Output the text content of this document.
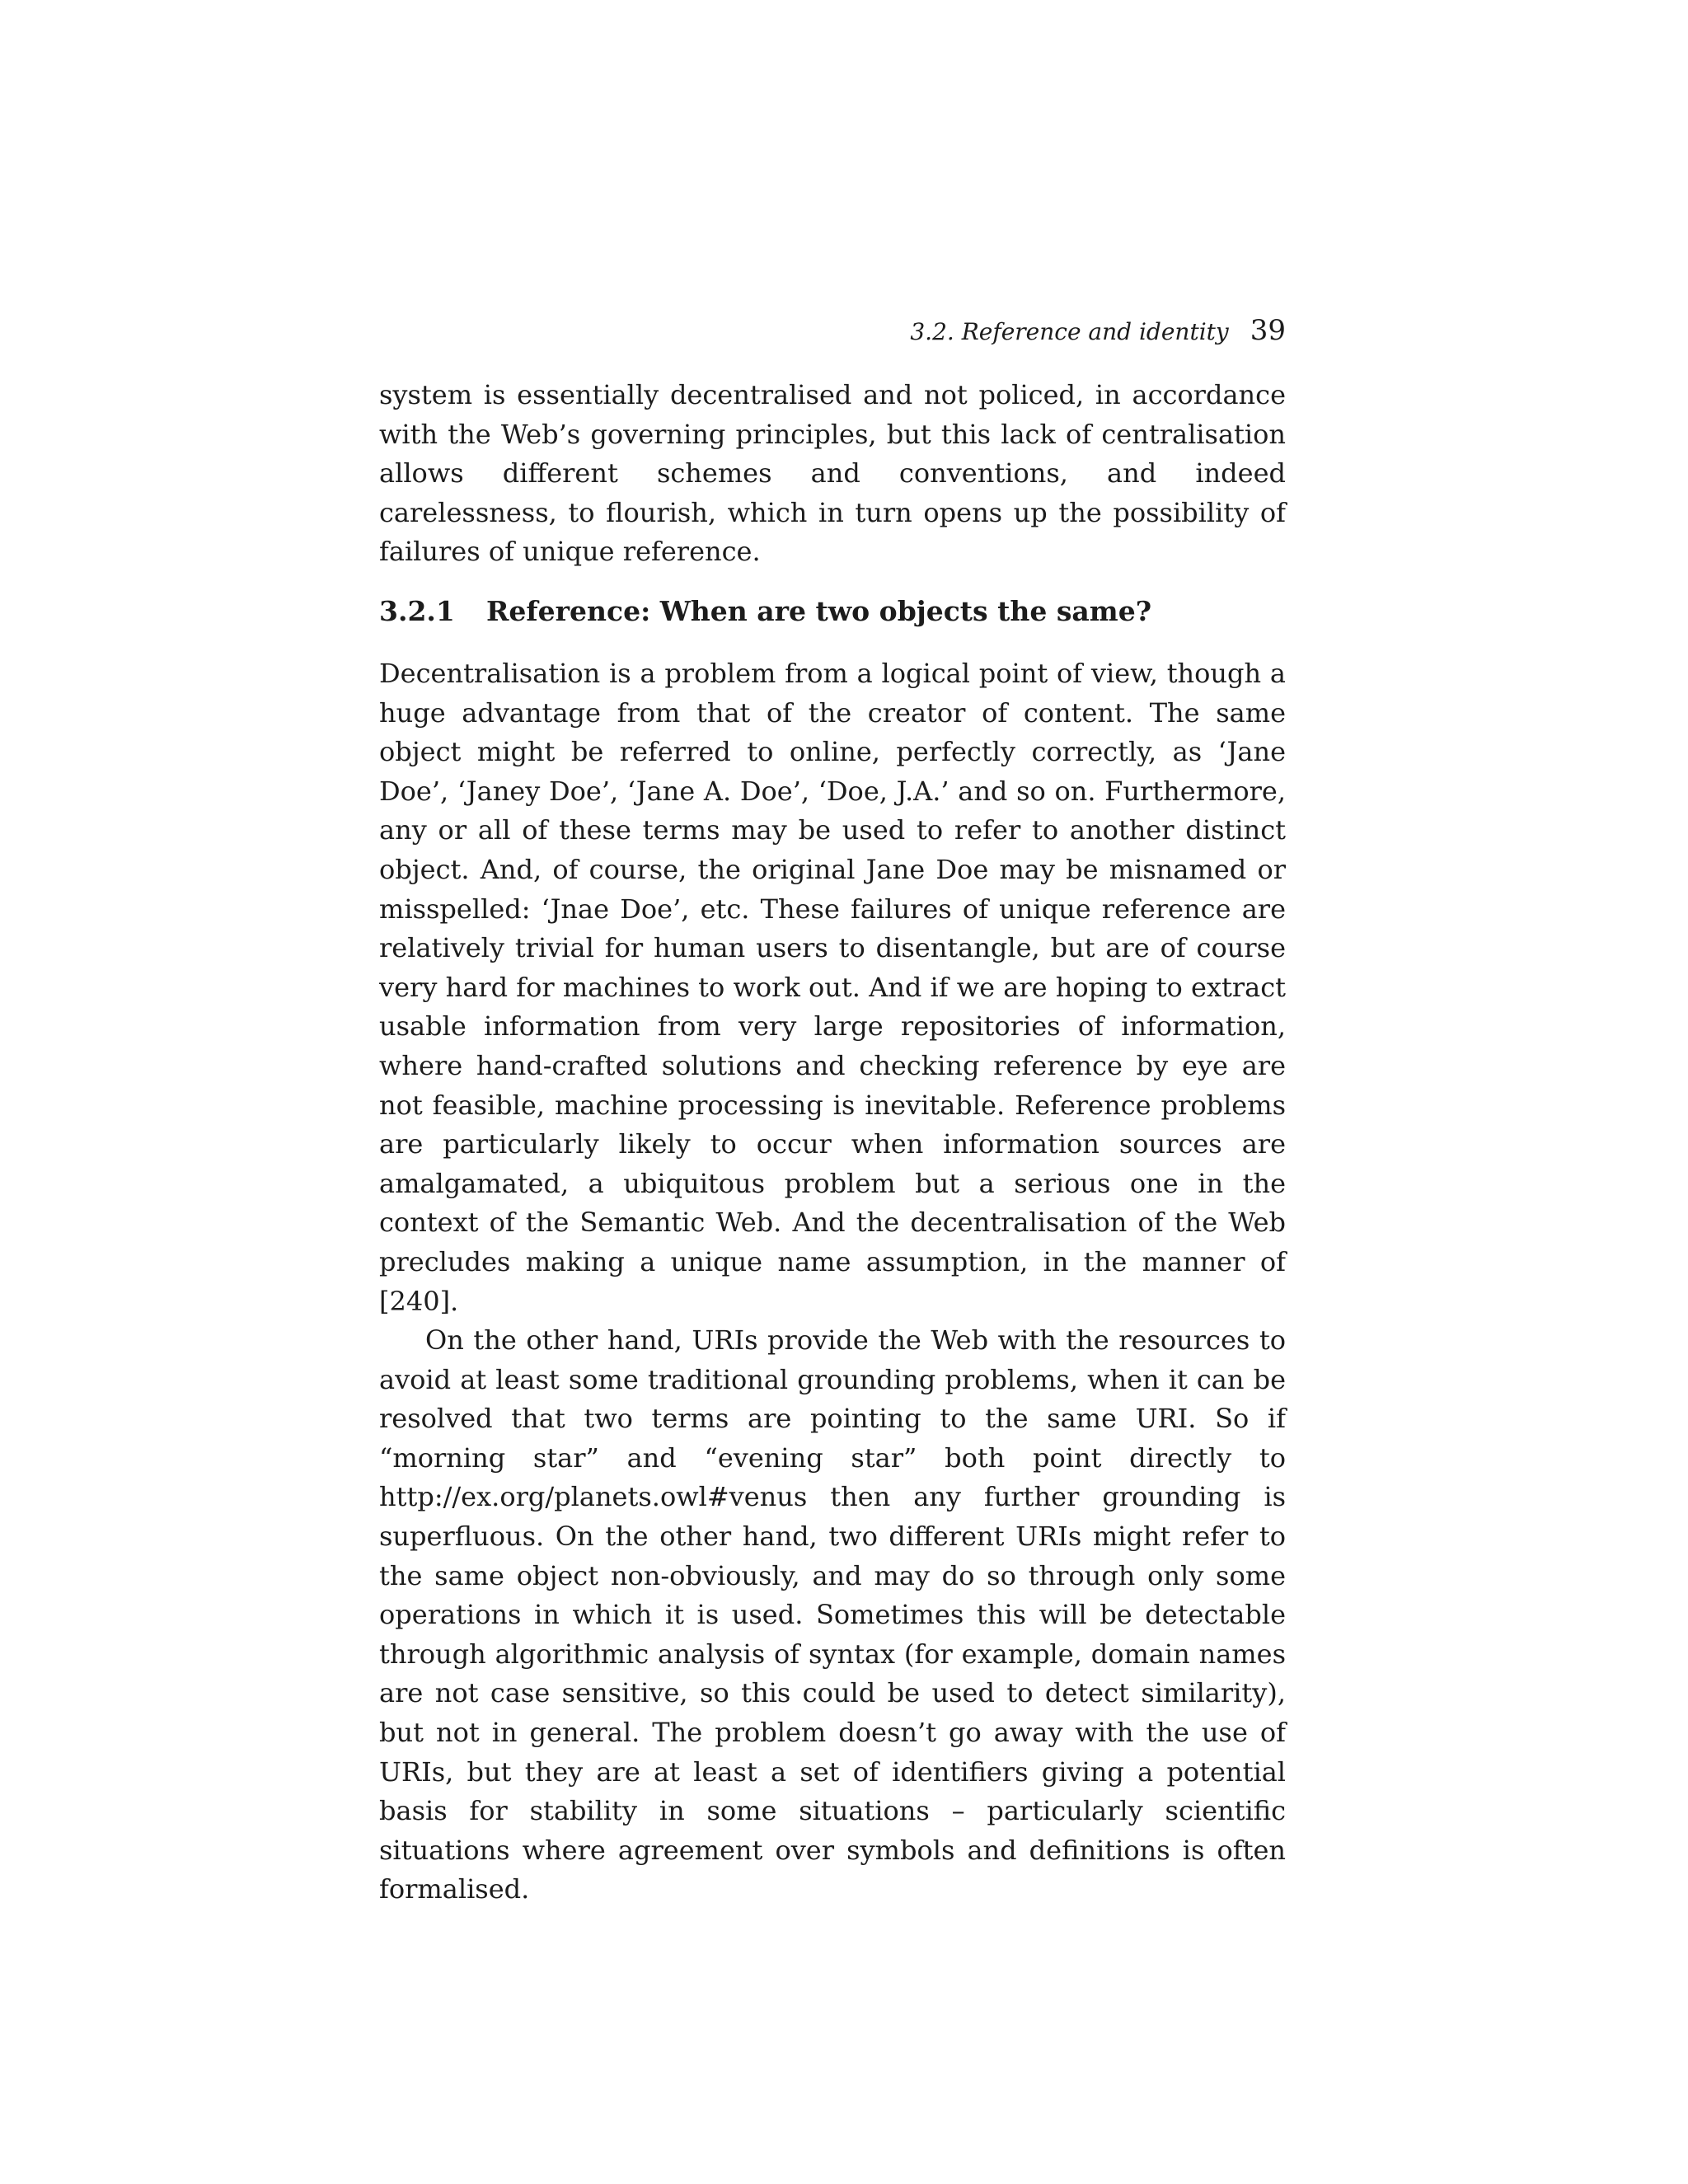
3.2. Reference and identity 39

system is essentially decentralised and not policed, in accordance with the Web’s governing principles, but this lack of centralisation allows different schemes and conventions, and indeed carelessness, to flourish, which in turn opens up the possibility of failures of unique reference.

3.2.1 Reference: When are two objects the same?

Decentralisation is a problem from a logical point of view, though a huge advantage from that of the creator of content. The same object might be referred to online, perfectly correctly, as ‘Jane Doe’, ‘Janey Doe’, ‘Jane A. Doe’, ‘Doe, J.A.’ and so on. Furthermore, any or all of these terms may be used to refer to another distinct object. And, of course, the original Jane Doe may be misnamed or misspelled: ‘Jnae Doe’, etc. These failures of unique reference are relatively trivial for human users to disentangle, but are of course very hard for machines to work out. And if we are hoping to extract usable information from very large repositories of information, where hand-crafted solutions and checking reference by eye are not feasible, machine processing is inevitable. Reference problems are particularly likely to occur when information sources are amalgamated, a ubiquitous problem but a serious one in the context of the Semantic Web. And the decentralisation of the Web precludes making a unique name assumption, in the manner of [240].

On the other hand, URIs provide the Web with the resources to avoid at least some traditional grounding problems, when it can be resolved that two terms are pointing to the same URI. So if “morning star” and “evening star” both point directly to http://ex.org/planets.owl#venus then any further grounding is superfluous. On the other hand, two different URIs might refer to the same object non-obviously, and may do so through only some operations in which it is used. Sometimes this will be detectable through algorithmic analysis of syntax (for example, domain names are not case sensitive, so this could be used to detect similarity), but not in general. The problem doesn’t go away with the use of URIs, but they are at least a set of identifiers giving a potential basis for stability in some situations – particularly scientific situations where agreement over symbols and definitions is often formalised.
